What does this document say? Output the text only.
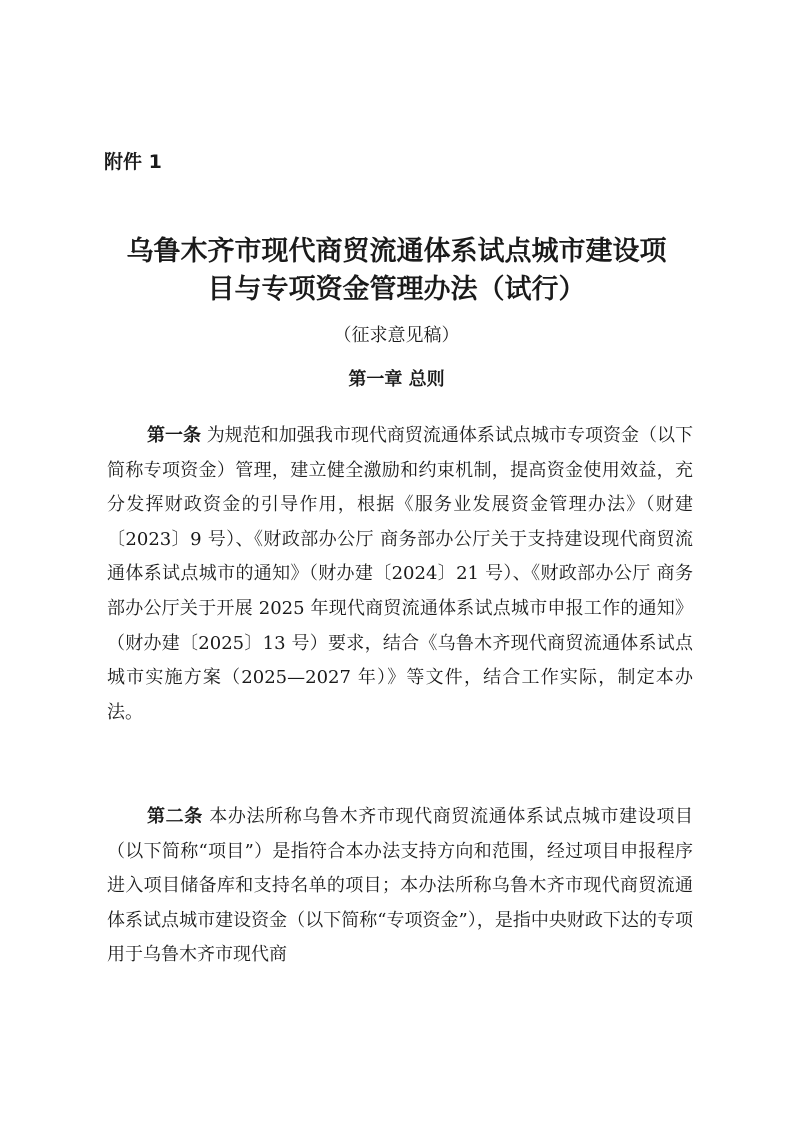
附件 1

乌鲁木齐市现代商贸流通体系试点城市建设项
目与专项资金管理办法（试行）

（征求意见稿）

第一章 总则

第一条 为规范和加强我市现代商贸流通体系试点城市专项资金（以下简称专项资金）管理，建立健全激励和约束机制，提高资金使用效益，充分发挥财政资金的引导作用，根据《服务业发展资金管理办法》（财建〔2023〕9 号）、《财政部办公厅 商务部办公厅关于支持建设现代商贸流通体系试点城市的通知》（财办建〔2024〕21 号）、《财政部办公厅 商务部办公厅关于开展 2025 年现代商贸流通体系试点城市申报工作的通知》（财办建〔2025〕13 号）要求，结合《乌鲁木齐现代商贸流通体系试点城市实施方案（2025—2027 年）》等文件，结合工作实际，制定本办法。

第二条 本办法所称乌鲁木齐市现代商贸流通体系试点城市建设项目（以下简称“项目”）是指符合本办法支持方向和范围，经过项目申报程序进入项目储备库和支持名单的项目；本办法所称乌鲁木齐市现代商贸流通体系试点城市建设资金（以下简称“专项资金”），是指中央财政下达的专项用于乌鲁木齐市现代商
